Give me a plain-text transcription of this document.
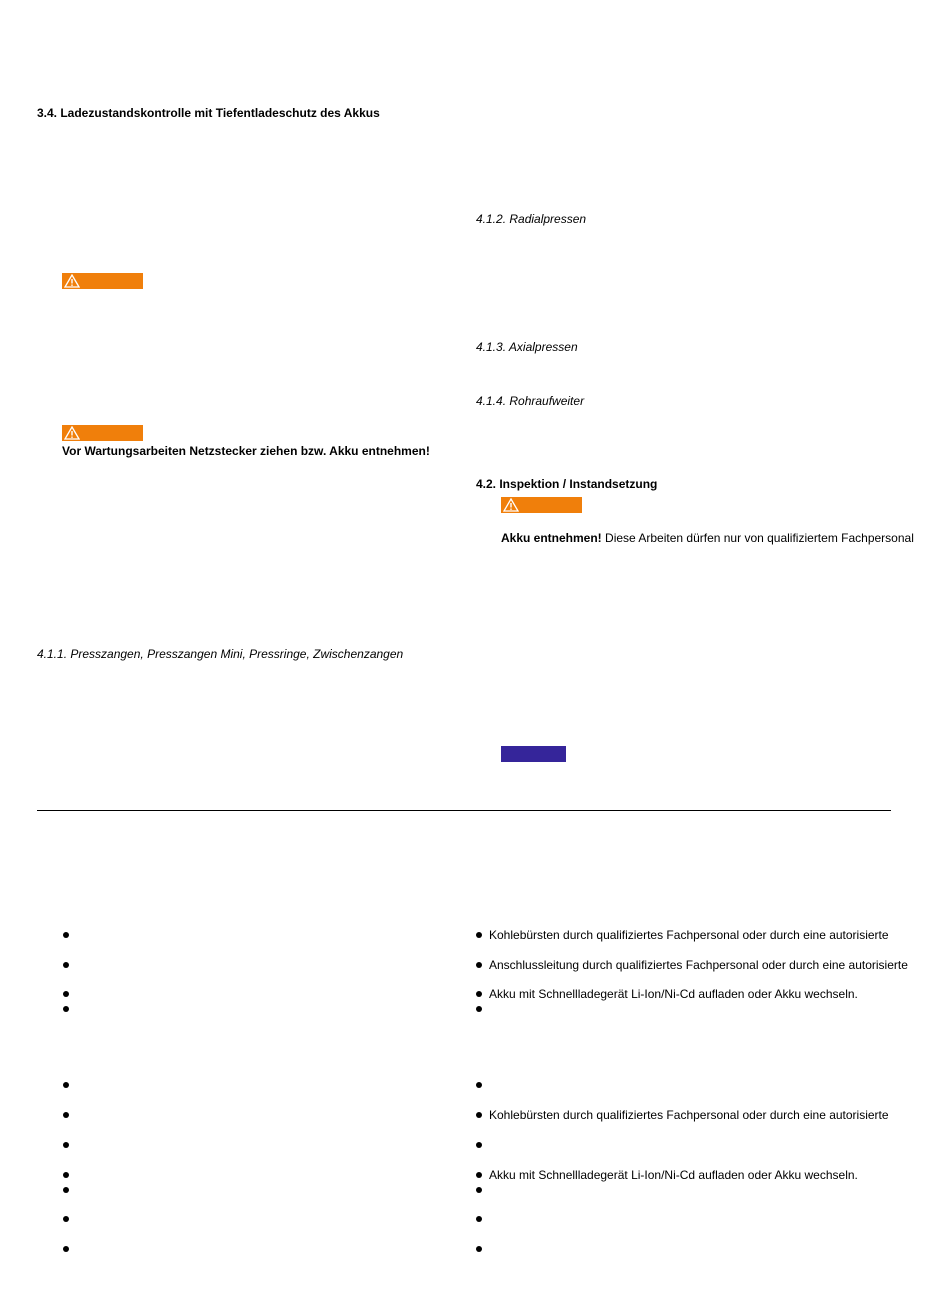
3.4. Ladezustandskontrolle mit Tiefentladeschutz des Akkus
Vor Wartungsarbeiten Netzstecker ziehen bzw. Akku entnehmen!
4.1.1. Presszangen, Presszangen Mini, Pressringe, Zwischenzangen
4.1.2. Radialpressen
4.1.3. Axialpressen
4.1.4. Rohraufweiter
4.2. Inspektion / Instandsetzung
Akku entnehmen! Diese Arbeiten dürfen nur von qualifiziertem Fachpersonal
Kohlebürsten durch qualifiziertes Fachpersonal oder durch eine autorisierte
Anschlussleitung durch qualifiziertes Fachpersonal oder durch eine autorisierte
Akku mit Schnellladegerät Li-Ion/Ni-Cd aufladen oder Akku wechseln.
Kohlebürsten durch qualifiziertes Fachpersonal oder durch eine autorisierte
Akku mit Schnellladegerät Li-Ion/Ni-Cd aufladen oder Akku wechseln.
